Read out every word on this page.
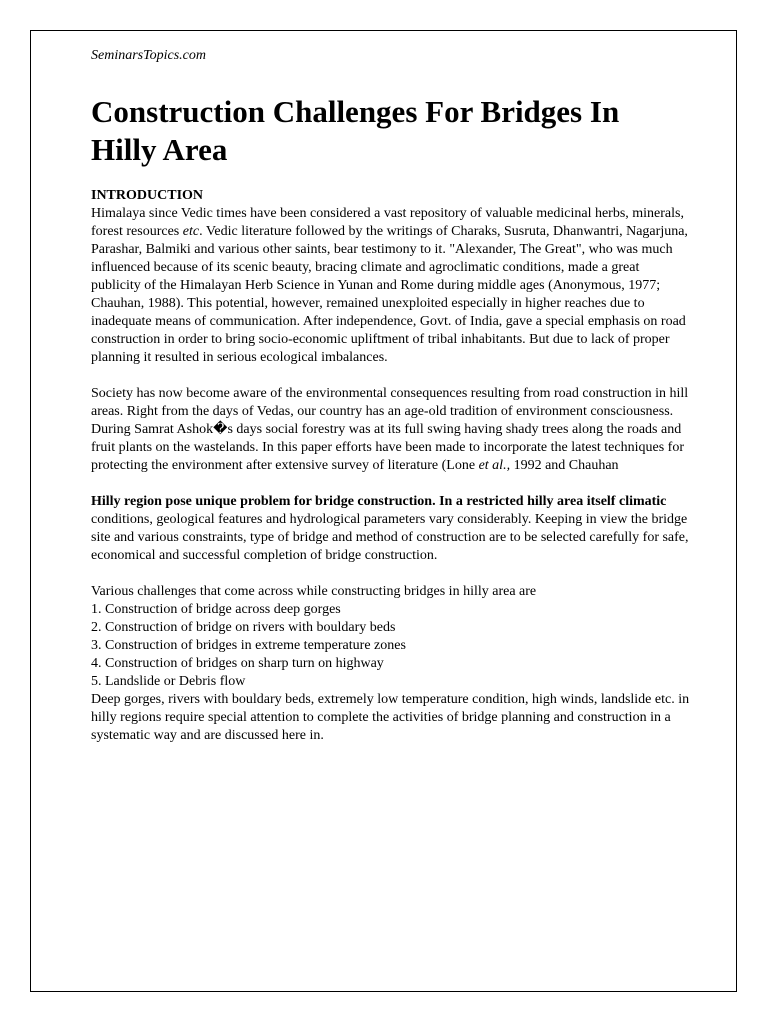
SeminarsTopics.com

Construction Challenges For Bridges In Hilly Area
INTRODUCTION

Himalaya since Vedic times have been considered a vast repository of valuable medicinal herbs, minerals, forest resources etc. Vedic literature followed by the writings of Charaks, Susruta, Dhanwantri, Nagarjuna, Parashar, Balmiki and various other saints, bear testimony to it. "Alexander, The Great", who was much influenced because of its scenic beauty, bracing climate and agroclimatic conditions, made a great publicity of the Himalayan Herb Science in Yunan and Rome during middle ages (Anonymous, 1977; Chauhan, 1988). This potential, however, remained unexploited especially in higher reaches due to inadequate means of communication. After independence, Govt. of India, gave a special emphasis on road construction in order to bring socio-economic upliftment of tribal inhabitants. But due to lack of proper planning it resulted in serious ecological imbalances.

Society has now become aware of the environmental consequences resulting from road construction in hill areas. Right from the days of Vedas, our country has an age-old tradition of environment consciousness. During Samrat Ashok�s days social forestry was at its full swing having shady trees along the roads and fruit plants on the wastelands. In this paper efforts have been made to incorporate the latest techniques for protecting the environment after extensive survey of literature (Lone et al., 1992 and Chauhan

Hilly region pose unique problem for bridge construction. In a restricted hilly area itself climatic conditions, geological features and hydrological parameters vary considerably. Keeping in view the bridge site and various constraints, type of bridge and method of construction are to be selected carefully for safe, economical and successful completion of bridge construction.

Various challenges that come across while constructing bridges in hilly area are

1. Construction of bridge across deep gorges
2. Construction of bridge on rivers with bouldary beds
3. Construction of bridges in extreme temperature zones
4. Construction of bridges on sharp turn on highway
5. Landslide or Debris flow

Deep gorges, rivers with bouldary beds, extremely low temperature condition, high winds, landslide etc. in hilly regions require special attention to complete the activities of bridge planning and construction in a systematic way and are discussed here in.
